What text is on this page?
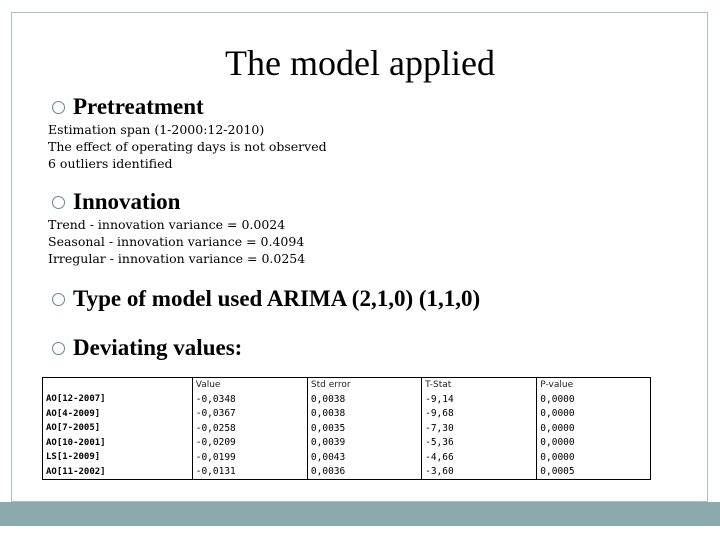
The model applied
Pretreatment
Estimation span (1-2000:12-2010)
The effect of operating days is not observed
6 outliers identified
Innovation
Trend - innovation variance = 0.0024
Seasonal - innovation variance = 0.4094
Irregular - innovation variance = 0.0254
Type of model used ARIMA (2,1,0) (1,1,0)
Deviating values:
	Value	Std error	T-Stat	P-value
AO[12-2007]	-0,0348	0,0038	-9,14	0,0000
AO[4-2009]	-0,0367	0,0038	-9,68	0,0000
AO[7-2005]	-0,0258	0,0035	-7,30	0,0000
AO[10-2001]	-0,0209	0,0039	-5,36	0,0000
LS[1-2009]	-0,0199	0,0043	-4,66	0,0000
AO[11-2002]	-0,0131	0,0036	-3,60	0,0005
